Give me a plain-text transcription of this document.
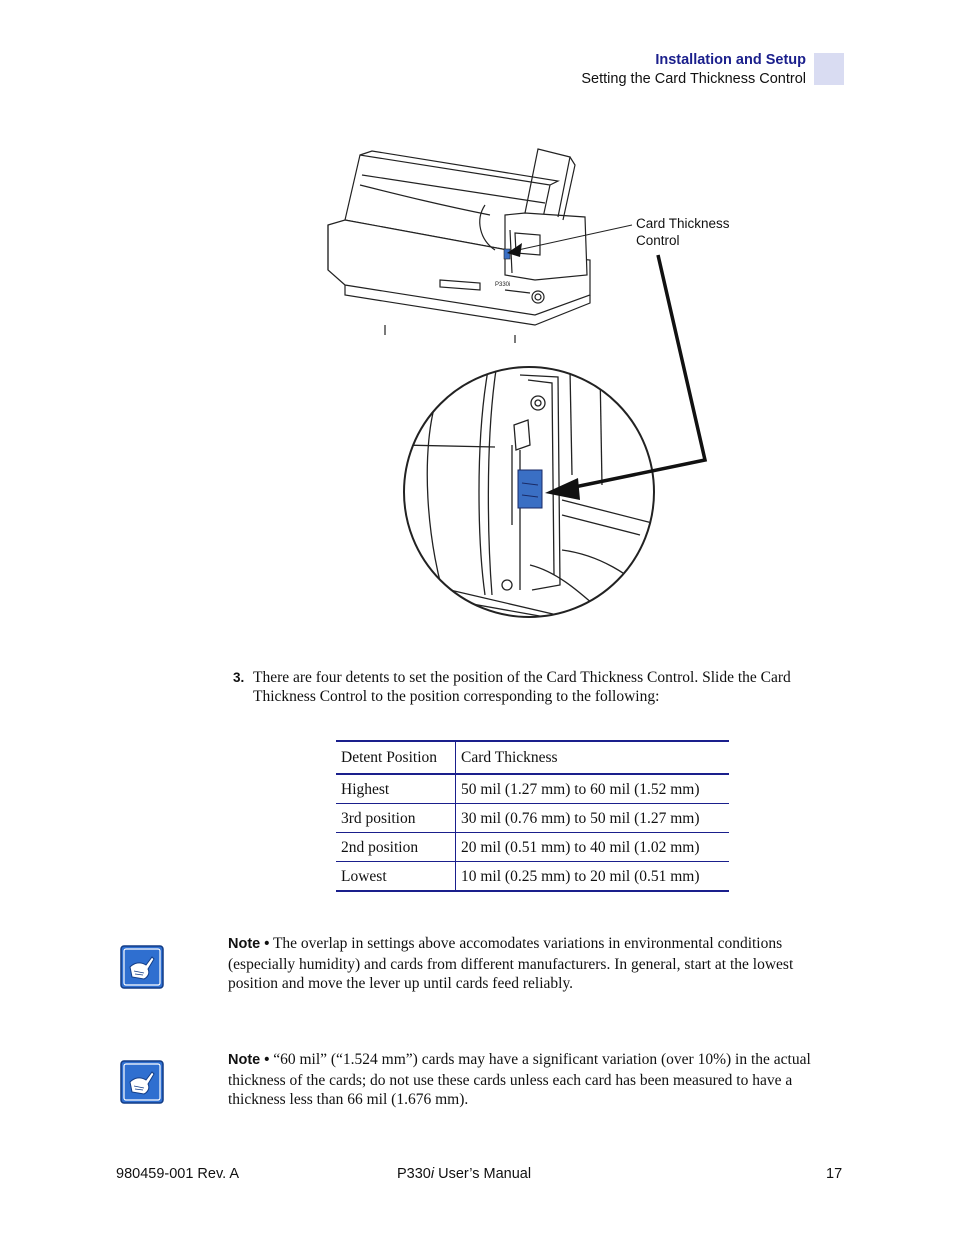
Installation and Setup
Setting the Card Thickness Control
P330i
Card Thickness
Control
3. There are four detents to set the position of the Card Thickness Control. Slide the Card Thickness Control to the position corresponding to the following:
Detent Position	Card Thickness
Highest	50 mil (1.27 mm) to 60 mil (1.52 mm)
3rd position	30 mil (0.76 mm) to 50 mil (1.27 mm)
2nd position	20 mil (0.51 mm) to 40 mil (1.02 mm)
Lowest	10 mil (0.25 mm) to 20 mil (0.51 mm)
Note • The overlap in settings above accomodates variations in environmental conditions (especially humidity) and cards from different manufacturers. In general, start at the lowest position and move the lever up until cards feed reliably.
Note • “60 mil” (“1.524 mm”) cards may have a significant variation (over 10%) in the actual thickness of the cards; do not use these cards unless each card has been measured to have a thickness less than 66 mil (1.676 mm).
980459-001 Rev. A	P330i User’s Manual	17
